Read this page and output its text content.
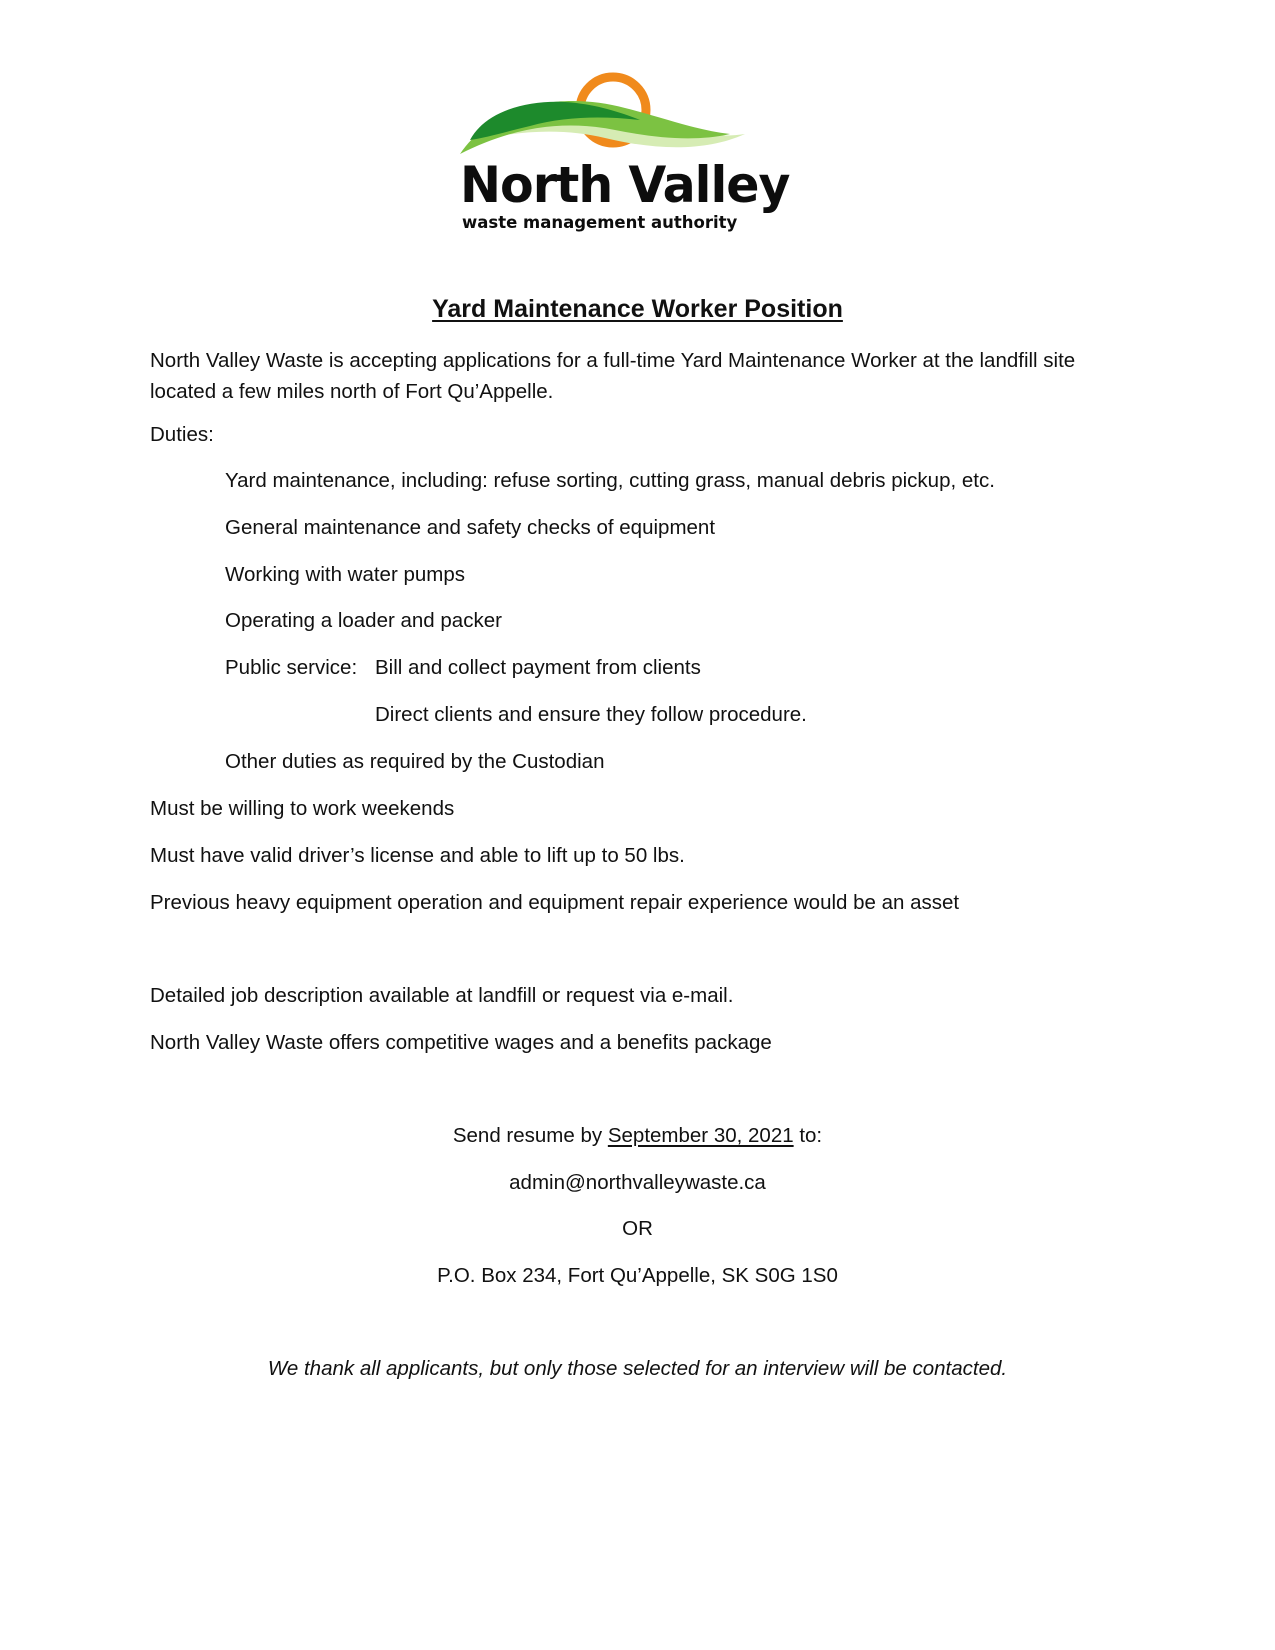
North Valley
waste management authority
Yard Maintenance Worker Position
North Valley Waste is accepting applications for a full-time Yard Maintenance Worker at the landfill site located a few miles north of Fort Qu’Appelle.
Duties:
Yard maintenance, including: refuse sorting, cutting grass, manual debris pickup, etc.
General maintenance and safety checks of equipment
Working with water pumps
Operating a loader and packer
Public service: Bill and collect payment from clients
Direct clients and ensure they follow procedure.
Other duties as required by the Custodian
Must be willing to work weekends
Must have valid driver’s license and able to lift up to 50 lbs.
Previous heavy equipment operation and equipment repair experience would be an asset
Detailed job description available at landfill or request via e-mail.
North Valley Waste offers competitive wages and a benefits package
Send resume by September 30, 2021 to:
admin@northvalleywaste.ca
OR
P.O. Box 234, Fort Qu’Appelle, SK S0G 1S0
We thank all applicants, but only those selected for an interview will be contacted.
